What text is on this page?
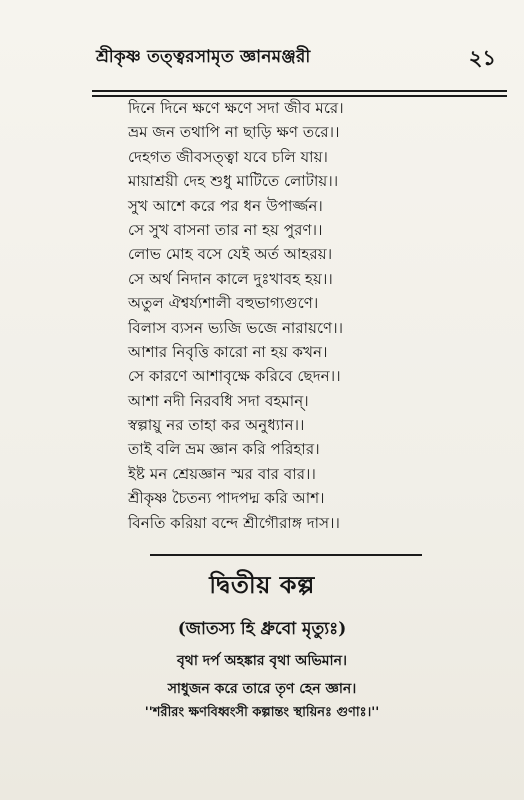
শ্রীকৃষ্ণ তত্ত্বরসামৃত জ্ঞানমঞ্জরী	২১
দিনে দিনে ক্ষণে ক্ষণে সদা জীব মরে।
ভ্রম জন তথাপি না ছাড়ি ক্ষণ তরে।।
দেহগত জীবসত্ত্বা যবে চলি যায়।
মায়াশ্রয়ী দেহ শুধু মাটিতে লোটায়।।
সুখ আশে করে পর ধন উপার্জ্জন।
সে সুখ বাসনা তার না হয় পুরণ।।
লোভ মোহ বসে যেই অর্ত আহরয়।
সে অর্থ নিদান কালে দুঃখাবহ হয়।।
অতুল ঐশ্বর্য্যশালী বহুভাগ্যগুণে।
বিলাস ব্যসন ভ্যজি ভজে নারায়ণে।।
আশার নিবৃত্তি কারো না হয় কখন।
সে কারণে আশাবৃক্ষে করিবে ছেদন।।
আশা নদী নিরবধি সদা বহমান্।
স্বল্পায়ু নর তাহা কর অনুধ্যান।।
তাই বলি ভ্রম জ্ঞান করি পরিহার।
ইষ্ট মন শ্রেয়জ্ঞান স্মর বার বার।।
শ্রীকৃষ্ণ চৈতন্য পাদপদ্ম করি আশ।
বিনতি করিয়া বন্দে শ্রীগৌরাঙ্গ দাস।।
দ্বিতীয় কল্প
(জাতস্য হি ধ্রুবো মৃত্যুঃ)
বৃথা দর্প অহঙ্কার বৃথা অভিমান।
সাধুজন করে তারে তৃণ হেন জ্ঞান।
''শরীরং ক্ষণবিধ্বংসী কল্পান্তং স্থায়িনঃ গুণাঃ।''
